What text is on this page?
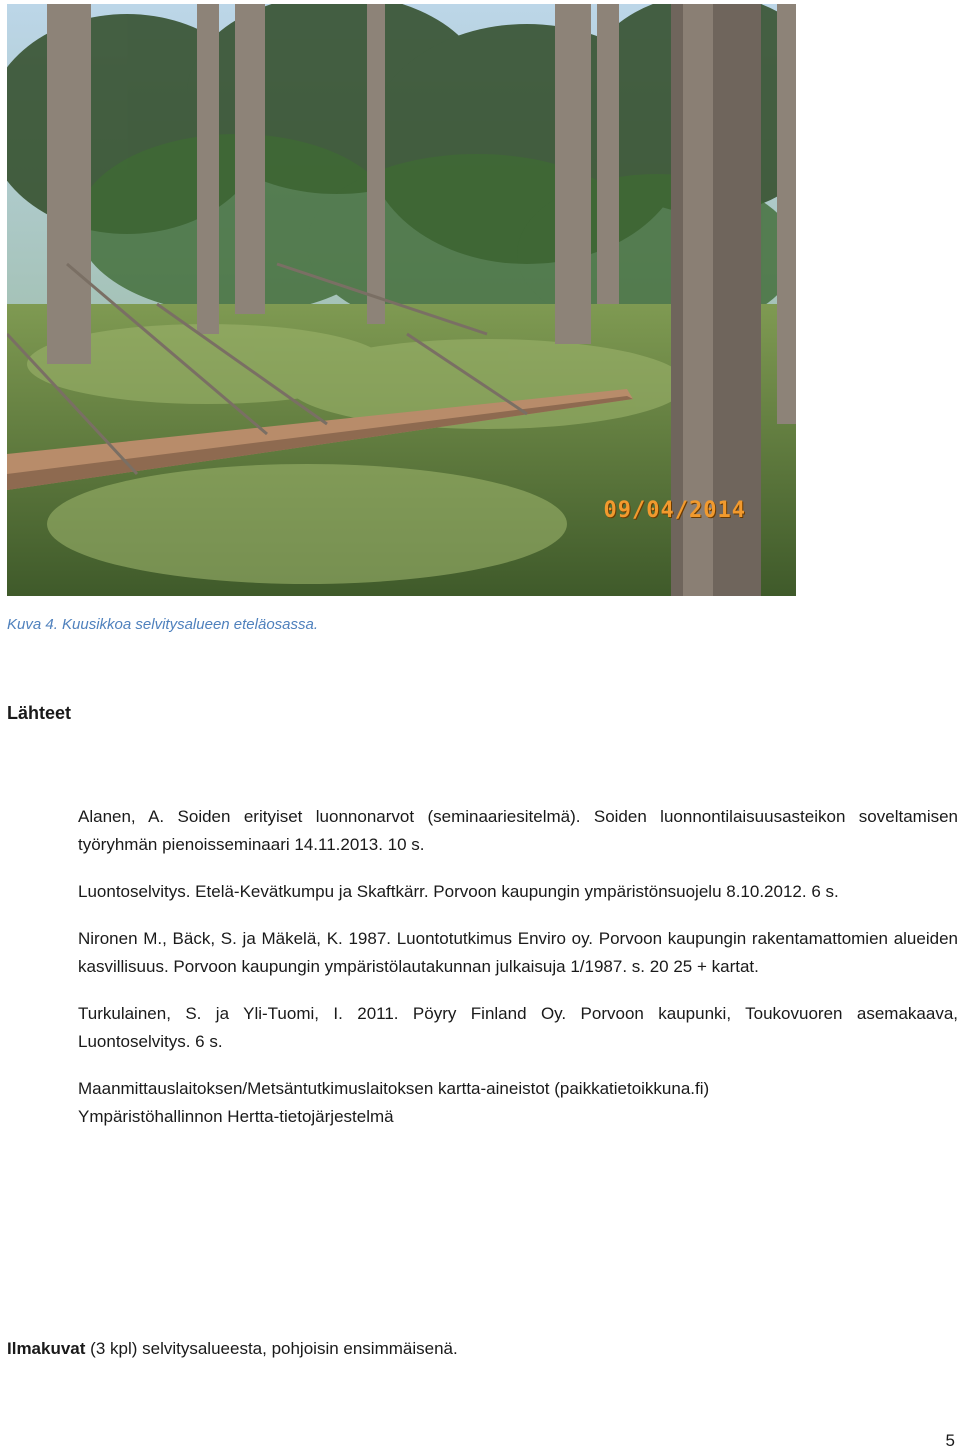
09/04/2014
Kuva 4. Kuusikkoa selvitysalueen eteläosassa.
Lähteet

Alanen, A. Soiden erityiset luonnonarvot (seminaariesitelmä). Soiden luonnontilaisuusasteikon soveltamisen työryhmän pienoisseminaari 14.11.2013. 10 s.

Luontoselvitys. Etelä-Kevätkumpu ja Skaftkärr. Porvoon kaupungin ympäristönsuojelu 8.10.2012. 6 s.

Nironen M., Bäck, S. ja Mäkelä, K. 1987. Luontotutkimus Enviro oy. Porvoon kaupungin rakentamattomien alueiden kasvillisuus. Porvoon kaupungin ympäristölautakunnan julkaisuja 1/1987. s. 20 25 + kartat.

Turkulainen, S. ja Yli-Tuomi, I. 2011. Pöyry Finland Oy. Porvoon kaupunki, Toukovuoren asemakaava, Luontoselvitys. 6 s.

Maanmittauslaitoksen/Metsäntutkimuslaitoksen kartta-aineistot (paikkatietoikkuna.fi)

Ympäristöhallinnon Hertta-tietojärjestelmä

Ilmakuvat (3 kpl) selvitysalueesta, pohjoisin ensimmäisenä.
5
